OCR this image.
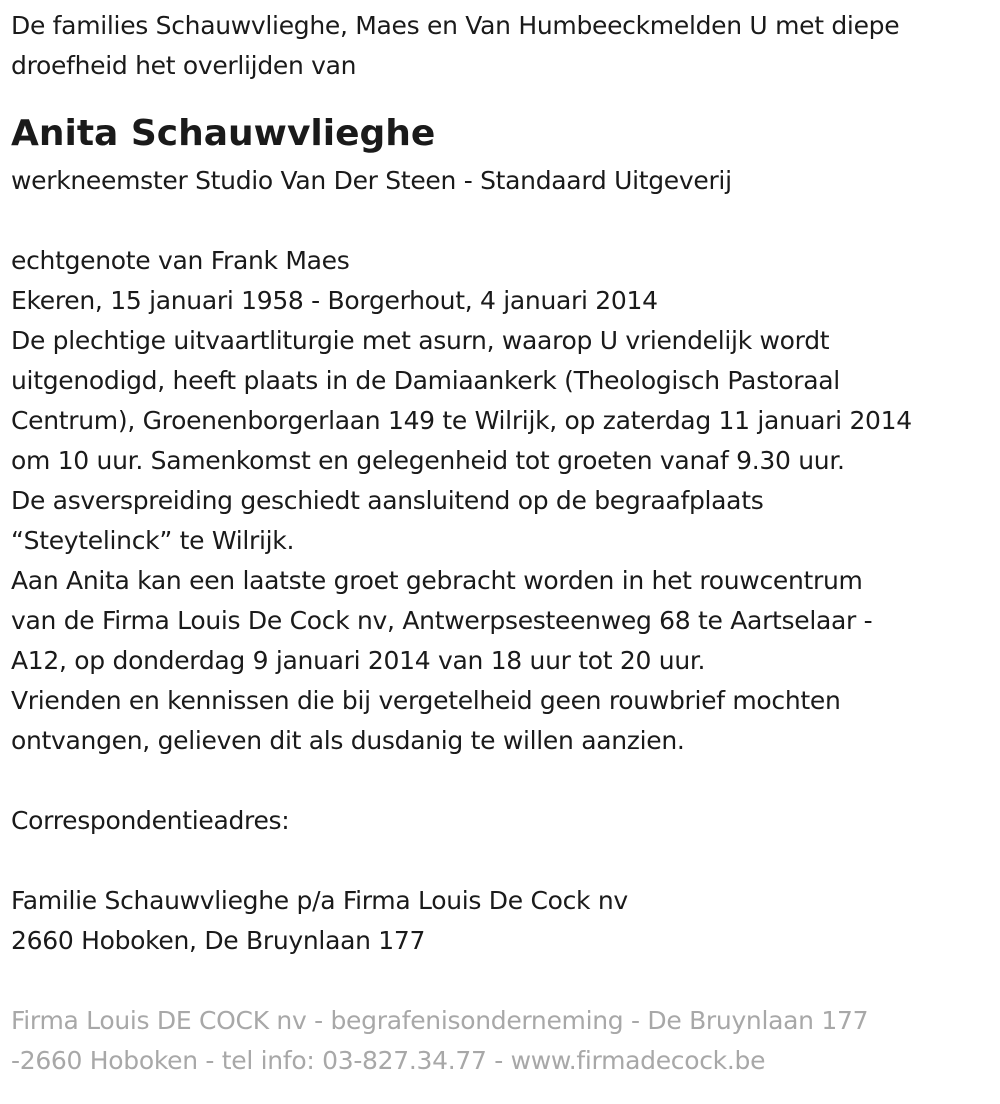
De families Schauwvlieghe, Maes en Van Humbeeckmelden U met diepe
droefheid het overlijden van
Anita Schauwvlieghe
werkneemster Studio Van Der Steen - Standaard Uitgeverij
echtgenote van Frank Maes
Ekeren, 15 januari 1958 - Borgerhout, 4 januari 2014
De plechtige uitvaartliturgie met asurn, waarop U vriendelijk wordt
uitgenodigd, heeft plaats in de Damiaankerk (Theologisch Pastoraal
Centrum), Groenenborgerlaan 149 te Wilrijk, op zaterdag 11 januari 2014
om 10 uur. Samenkomst en gelegenheid tot groeten vanaf 9.30 uur.
De asverspreiding geschiedt aansluitend op de begraafplaats
“Steytelinck” te Wilrijk.
Aan Anita kan een laatste groet gebracht worden in het rouwcentrum
van de Firma Louis De Cock nv, Antwerpsesteenweg 68 te Aartselaar -
A12, op donderdag 9 januari 2014 van 18 uur tot 20 uur.
Vrienden en kennissen die bij vergetelheid geen rouwbrief mochten
ontvangen, gelieven dit als dusdanig te willen aanzien.
Correspondentieadres:
Familie Schauwvlieghe p/a Firma Louis De Cock nv
2660 Hoboken, De Bruynlaan 177
Firma Louis DE COCK nv - begrafenisonderneming - De Bruynlaan 177
-2660 Hoboken - tel info: 03-827.34.77 - www.firmadecock.be
